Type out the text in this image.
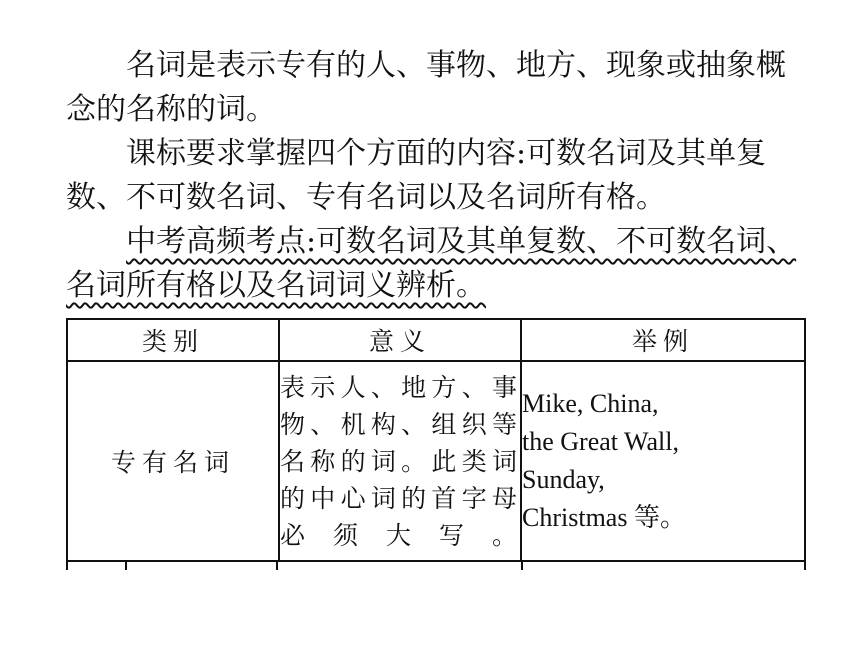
名词是表示专有的人、事物、地方、现象或抽象概念的名称的词。

课标要求掌握四个方面的内容:可数名词及其单复数、不可数名词、专有名词以及名词所有格。

中考高频考点:可数名词及其单复数、不可数名词、名词所有格以及名词词义辨析。

类别	意义	举例
专有名词	表示人、地方、事物、机构、组织等名称的词。此类词的中心词的首字母必须大写。	Mike, China,
the Great Wall,
Sunday,
Christmas 等。
